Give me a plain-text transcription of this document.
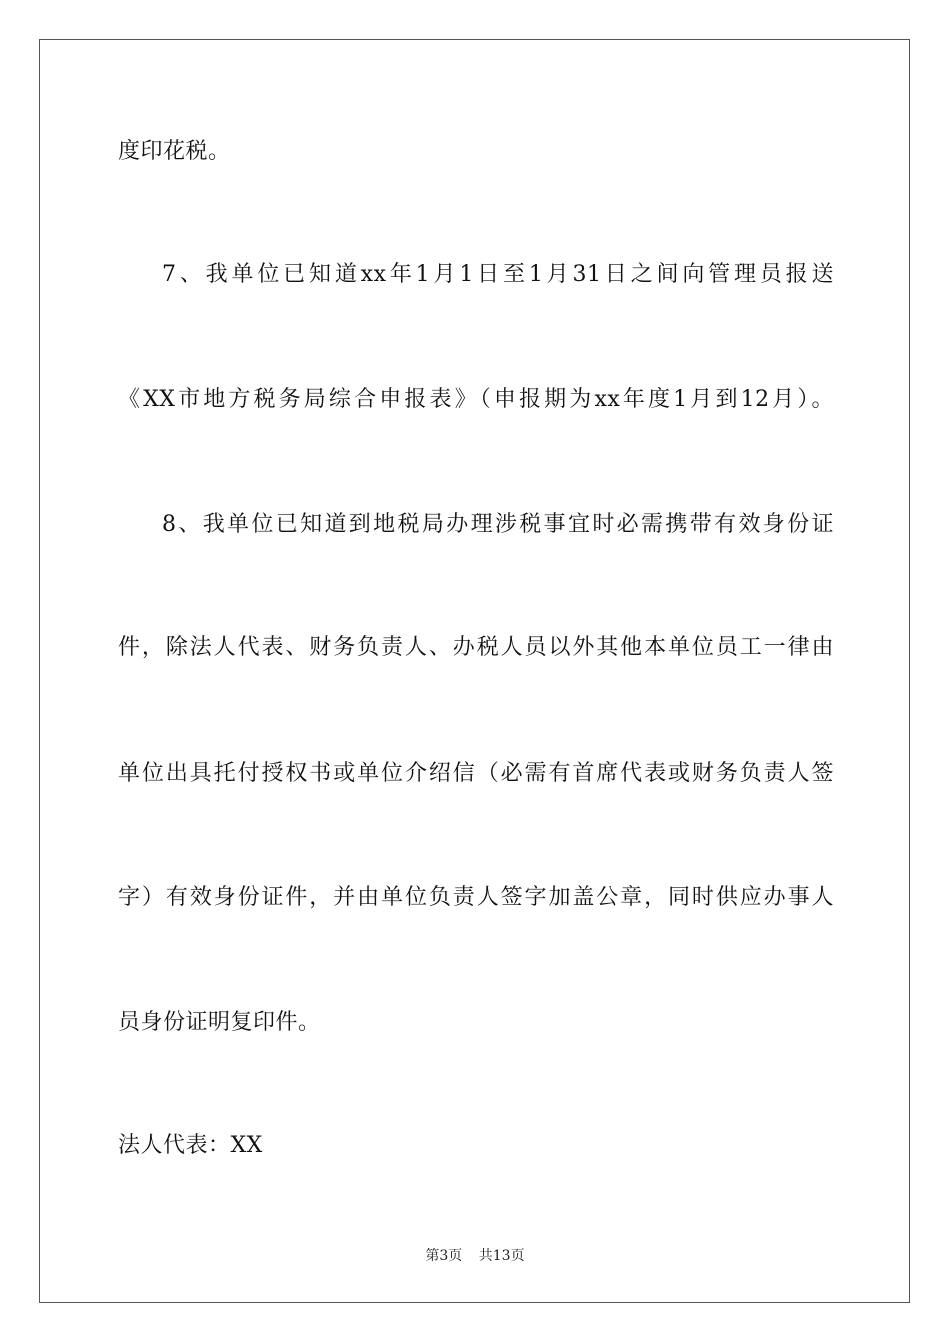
度印花税。
7、我单位已知道xx年1月1日至1月31日之间向管理员报送
《XX市地方税务局综合申报表》（申报期为xx年度1月到12月）。
8、我单位已知道到地税局办理涉税事宜时必需携带有效身份证
件，除法人代表、财务负责人、办税人员以外其他本单位员工一律由
单位出具托付授权书或单位介绍信（必需有首席代表或财务负责人签
字）有效身份证件，并由单位负责人签字加盖公章，同时供应办事人
员身份证明复印件。
法人代表：XX
第3页 共13页
